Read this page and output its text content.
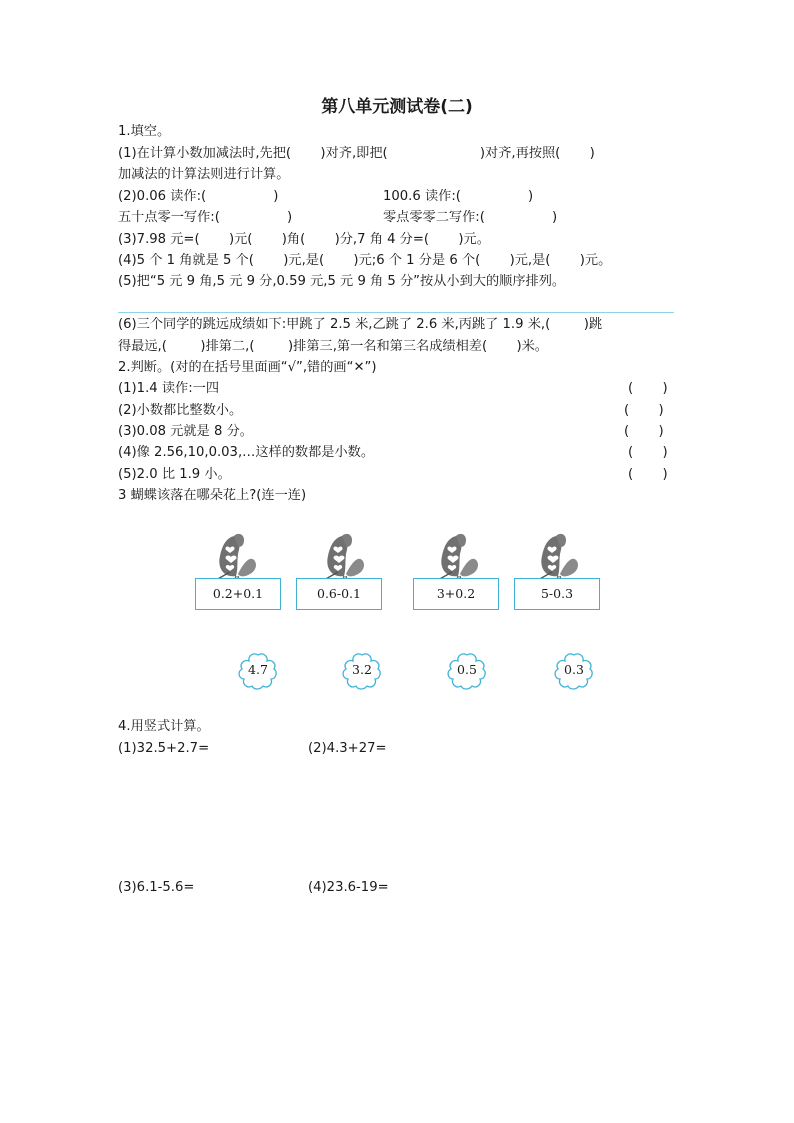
第八单元测试卷(二)
1.填空。
(1)在计算小数加减法时,先把(       )对齐,即把(                      )对齐,再按照(       )
加减法的计算法则进行计算。
(2)0.06 读作:(                )	100.6 读作:(                )
五十点零一写作:(                )	零点零零二写作:(                )
(3)7.98 元=(       )元(       )角(       )分,7 角 4 分=(       )元。
(4)5 个 1 角就是 5 个(       )元,是(       )元;6 个 1 分是 6 个(       )元,是(       )元。
(5)把“5 元 9 角,5 元 9 分,0.59 元,5 元 9 角 5 分”按从小到大的顺序排列。
(6)三个同学的跳远成绩如下:甲跳了 2.5 米,乙跳了 2.6 米,丙跳了 1.9 米,(        )跳
得最远,(        )排第二,(        )排第三,第一名和第三名成绩相差(       )米。
2.判断。(对的在括号里面画“√”,错的画“✕”)
(1)1.4 读作:一四	(       )
(2)小数都比整数小。	(       )
(3)0.08 元就是 8 分。	(       )
(4)像 2.56,10,0.03,…这样的数都是小数。	(       )
(5)2.0 比 1.9 小。	(       )
3 蝴蝶该落在哪朵花上?(连一连)
0.2+0.1	0.6-0.1	3+0.2	5-0.3
4.7	3.2	0.5	0.3
4.用竖式计算。
(1)32.5+2.7=	(2)4.3+27=
(3)6.1-5.6=	(4)23.6-19=
